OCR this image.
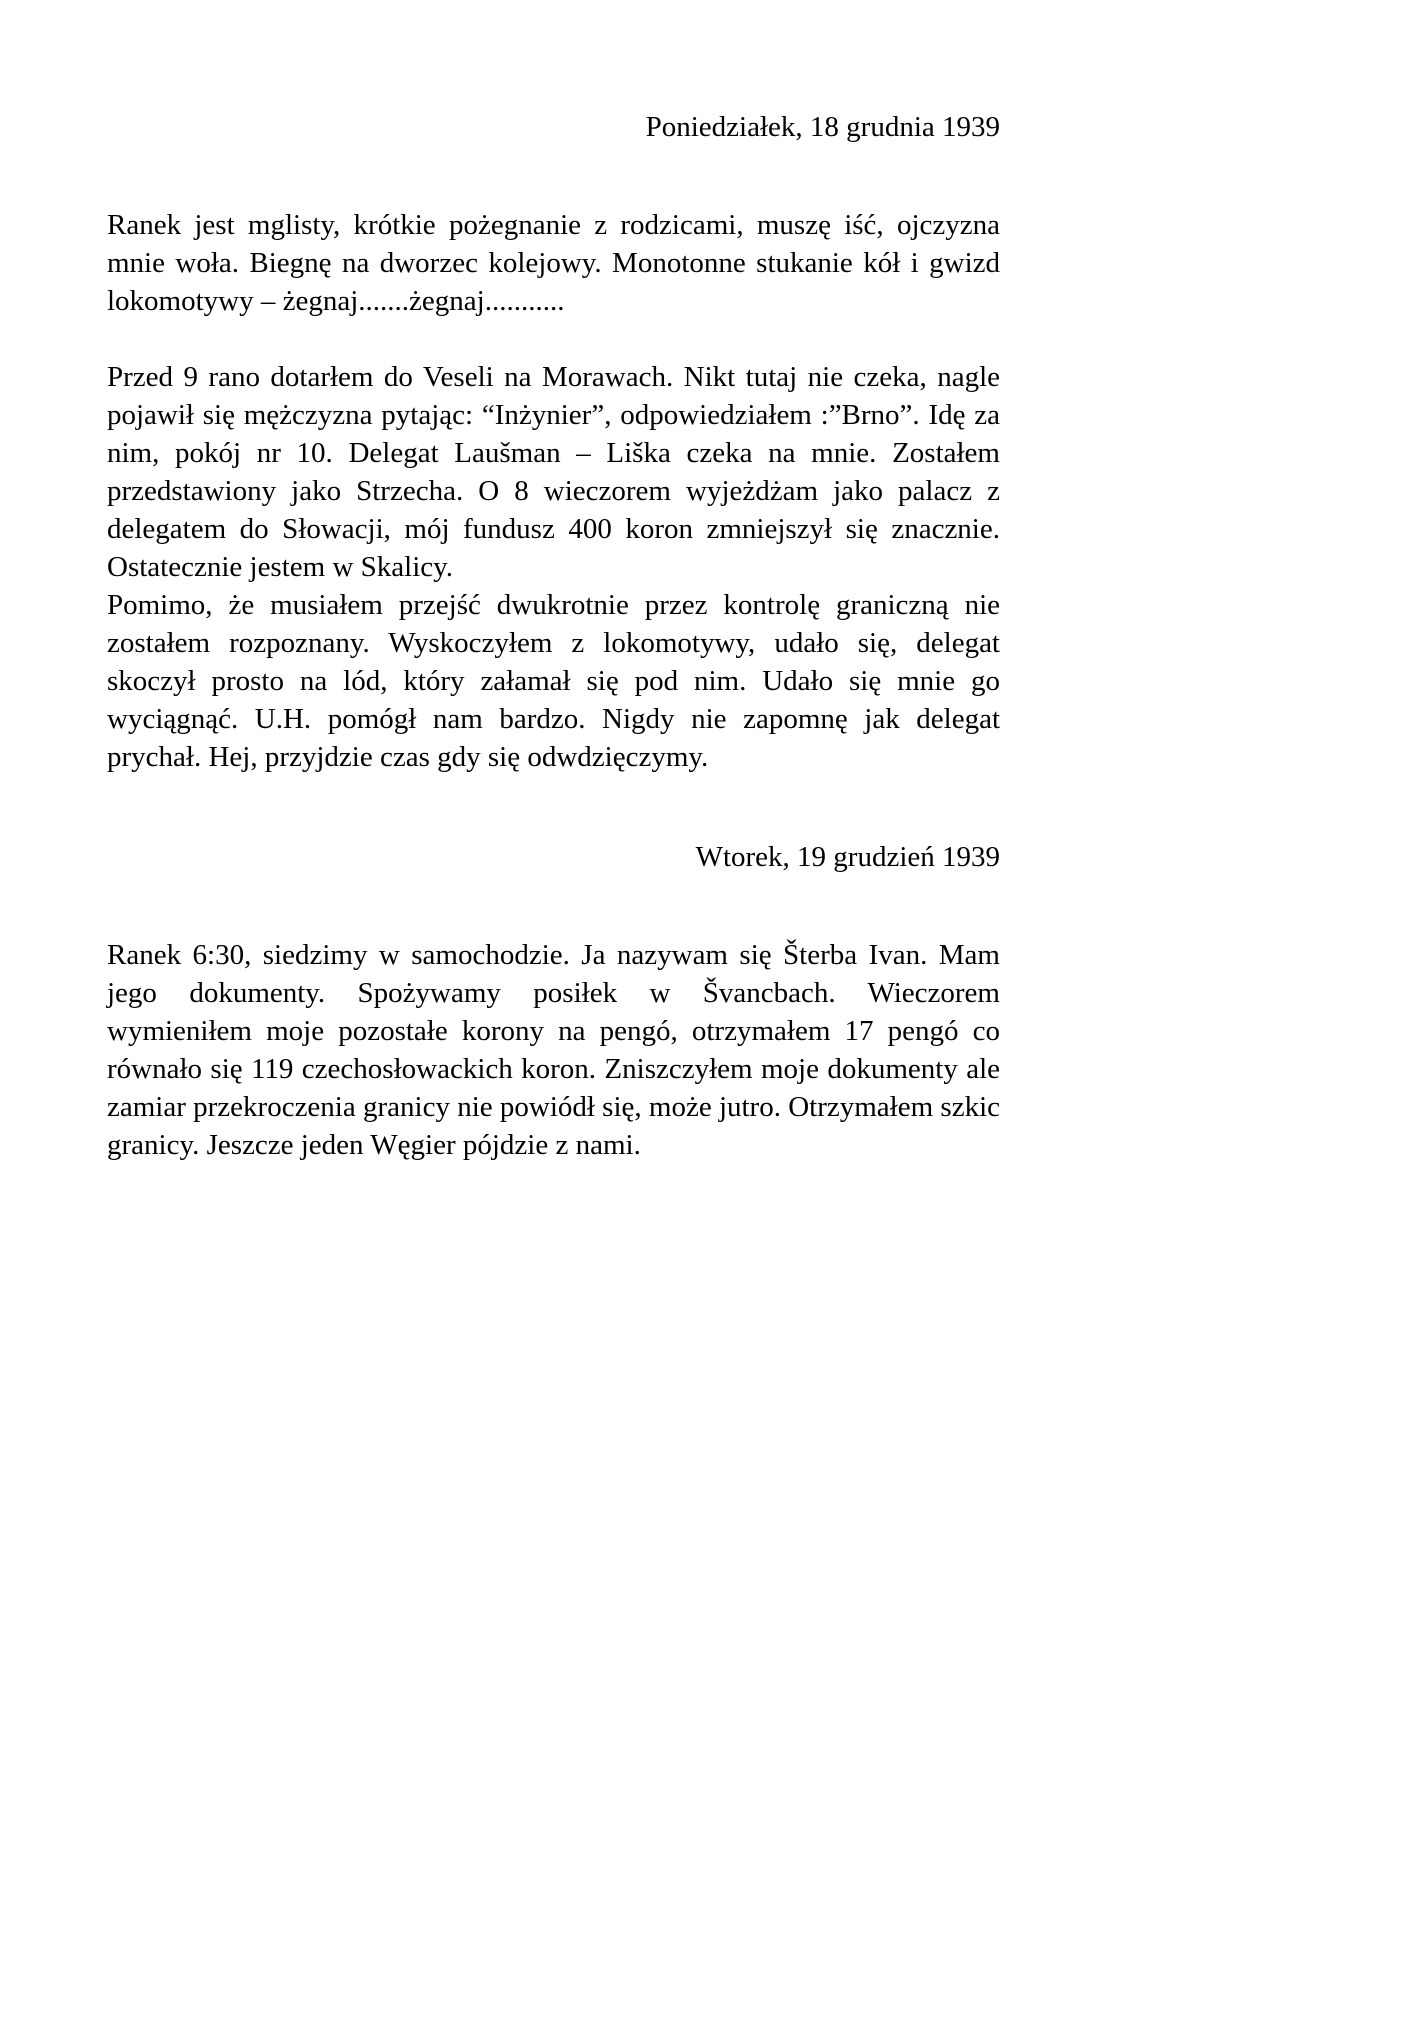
Poniedziałek, 18 grudnia 1939

Ranek jest mglisty, krótkie pożegnanie z rodzicami, muszę iść, ojczyzna mnie woła. Biegnę na dworzec kolejowy. Monotonne stukanie kół i gwizd lokomotywy – żegnaj.......żegnaj...........

Przed 9 rano dotarłem do Veseli na Morawach. Nikt tutaj nie czeka, nagle pojawił się mężczyzna pytając: “Inżynier”, odpowiedziałem :”Brno”. Idę za nim, pokój nr 10. Delegat Laušman – Liška czeka na mnie. Zostałem przedstawiony jako Strzecha. O 8 wieczorem wyjeżdżam jako palacz z delegatem do Słowacji, mój fundusz 400 koron zmniejszył się znacznie. Ostatecznie jestem w Skalicy.

Pomimo, że musiałem przejść dwukrotnie przez kontrolę graniczną nie zostałem rozpoznany. Wyskoczyłem z lokomotywy, udało się, delegat skoczył prosto na lód, który załamał się pod nim. Udało się mnie go wyciągnąć. U.H. pomógł nam bardzo. Nigdy nie zapomnę jak delegat prychał. Hej, przyjdzie czas gdy się odwdzięczymy.

Wtorek, 19 grudzień 1939

Ranek 6:30, siedzimy w samochodzie. Ja nazywam się Šterba Ivan. Mam jego dokumenty. Spożywamy posiłek w Švancbach. Wieczorem wymieniłem moje pozostałe korony na pengó, otrzymałem 17 pengó co równało się 119 czechosłowackich koron. Zniszczyłem moje dokumenty ale zamiar przekroczenia granicy nie powiódł się, może jutro. Otrzymałem szkic granicy. Jeszcze jeden Węgier pójdzie z nami.
